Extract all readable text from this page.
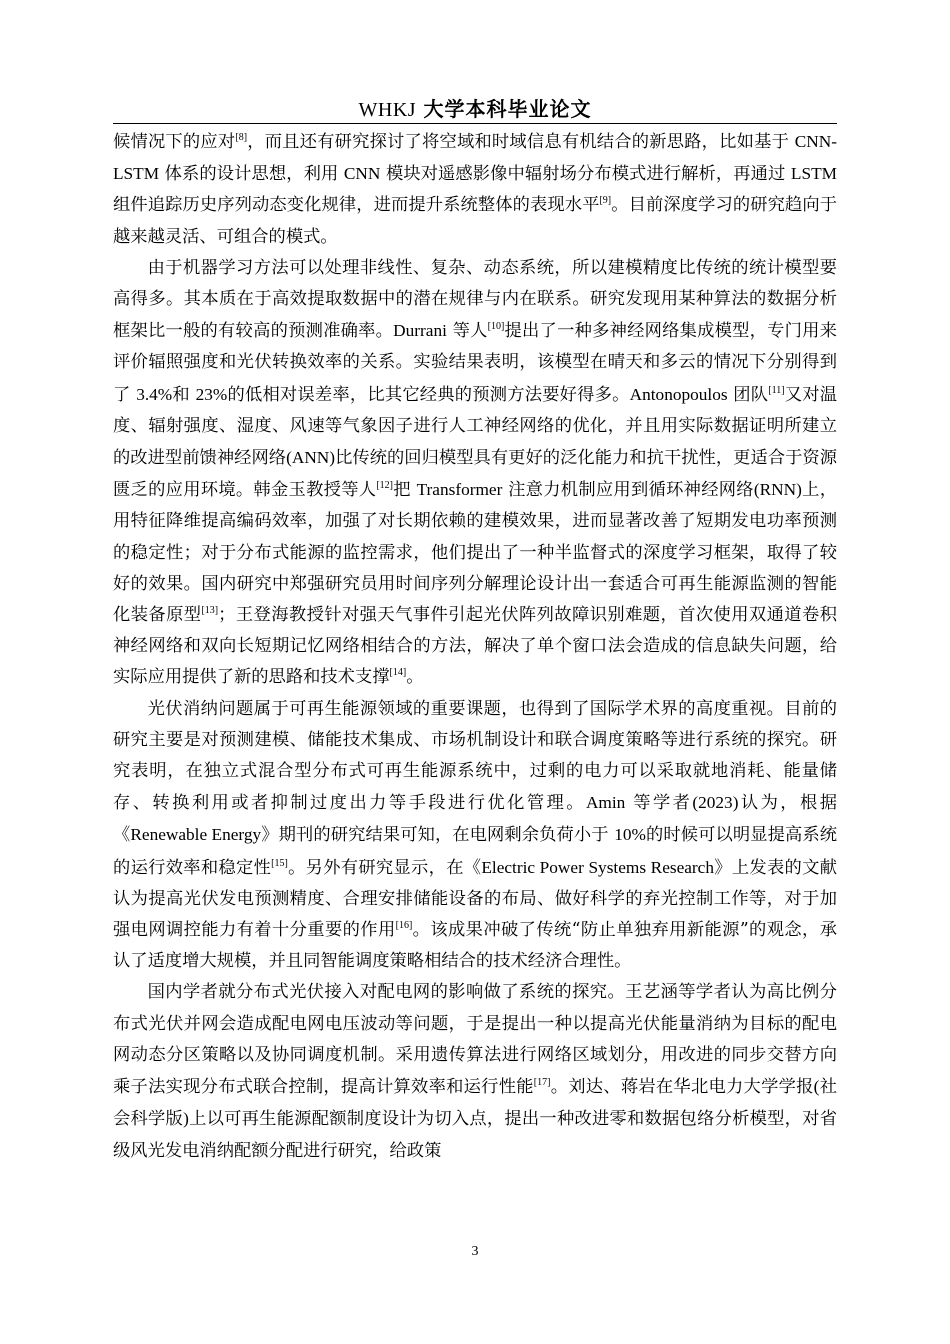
WHKJ 大学本科毕业论文

候情况下的应对[8]，而且还有研究探讨了将空域和时域信息有机结合的新思路，比如基于 CNN-LSTM 体系的设计思想，利用 CNN 模块对遥感影像中辐射场分布模式进行解析，再通过 LSTM 组件追踪历史序列动态变化规律，进而提升系统整体的表现水平[9]。目前深度学习的研究趋向于越来越灵活、可组合的模式。

由于机器学习方法可以处理非线性、复杂、动态系统，所以建模精度比传统的统计模型要高得多。其本质在于高效提取数据中的潜在规律与内在联系。研究发现用某种算法的数据分析框架比一般的有较高的预测准确率。Durrani 等人[10]提出了一种多神经网络集成模型，专门用来评价辐照强度和光伏转换效率的关系。实验结果表明，该模型在晴天和多云的情况下分别得到了 3.4%和 23%的低相对误差率，比其它经典的预测方法要好得多。Antonopoulos 团队[11]又对温度、辐射强度、湿度、风速等气象因子进行人工神经网络的优化，并且用实际数据证明所建立的改进型前馈神经网络(ANN)比传统的回归模型具有更好的泛化能力和抗干扰性，更适合于资源匮乏的应用环境。韩金玉教授等人[12]把 Transformer 注意力机制应用到循环神经网络(RNN)上，用特征降维提高编码效率，加强了对长期依赖的建模效果，进而显著改善了短期发电功率预测的稳定性；对于分布式能源的监控需求，他们提出了一种半监督式的深度学习框架，取得了较好的效果。国内研究中郑强研究员用时间序列分解理论设计出一套适合可再生能源监测的智能化装备原型[13]；王登海教授针对强天气事件引起光伏阵列故障识别难题，首次使用双通道卷积神经网络和双向长短期记忆网络相结合的方法，解决了单个窗口法会造成的信息缺失问题，给实际应用提供了新的思路和技术支撑[14]。

光伏消纳问题属于可再生能源领域的重要课题，也得到了国际学术界的高度重视。目前的研究主要是对预测建模、储能技术集成、市场机制设计和联合调度策略等进行系统的探究。研究表明，在独立式混合型分布式可再生能源系统中，过剩的电力可以采取就地消耗、能量储存、转换利用或者抑制过度出力等手段进行优化管理。Amin 等学者(2023)认为，根据《Renewable Energy》期刊的研究结果可知，在电网剩余负荷小于 10%的时候可以明显提高系统的运行效率和稳定性[15]。另外有研究显示，在《Electric Power Systems Research》上发表的文献认为提高光伏发电预测精度、合理安排储能设备的布局、做好科学的弃光控制工作等，对于加强电网调控能力有着十分重要的作用[16]。该成果冲破了传统“防止单独弃用新能源”的观念，承认了适度增大规模，并且同智能调度策略相结合的技术经济合理性。

国内学者就分布式光伏接入对配电网的影响做了系统的探究。王艺涵等学者认为高比例分布式光伏并网会造成配电网电压波动等问题，于是提出一种以提高光伏能量消纳为目标的配电网动态分区策略以及协同调度机制。采用遗传算法进行网络区域划分，用改进的同步交替方向乘子法实现分布式联合控制，提高计算效率和运行性能[17]。刘达、蒋岩在华北电力大学学报(社会科学版)上以可再生能源配额制度设计为切入点，提出一种改进零和数据包络分析模型，对省级风光发电消纳配额分配进行研究，给政策

3
